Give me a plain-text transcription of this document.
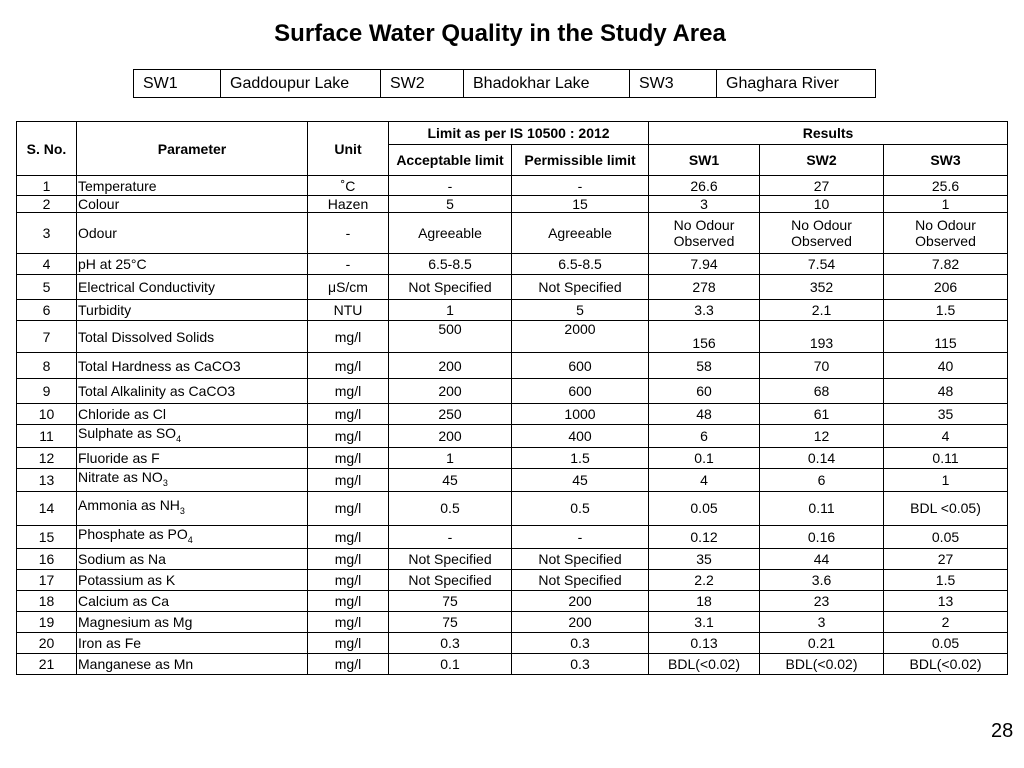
Surface Water Quality in the Study Area
SW1	Gaddoupur Lake	SW2	Bhadokhar Lake	SW3	Ghaghara River
S. No.	Parameter	Unit	Limit as per IS 10500 : 2012		Results		
			Acceptable limit	Permissible limit	SW1	SW2	SW3
1	Temperature	˚C	-	-	26.6	27	25.6
2	Colour	Hazen	5	15	3	10	1
3	Odour	-	Agreeable	Agreeable	No Odour Observed	No Odour Observed	No Odour Observed
4	pH at 25°C	-	6.5-8.5	6.5-8.5	7.94	7.54	7.82
5	Electrical Conductivity	μS/cm	Not Specified	Not Specified	278	352	206
6	Turbidity	NTU	1	5	3.3	2.1	1.5
7	Total Dissolved Solids	mg/l	500	2000	156	193	115
8	Total Hardness as CaCO3	mg/l	200	600	58	70	40
9	Total Alkalinity as CaCO3	mg/l	200	600	60	68	48
10	Chloride as Cl	mg/l	250	1000	48	61	35
11	Sulphate as $SO_4$	mg/l	200	400	6	12	4
12	Fluoride as F	mg/l	1	1.5	0.1	0.14	0.11
13	Nitrate as $NO_3$	mg/l	45	45	4	6	1
14	Ammonia as $NH_3$	mg/l	0.5	0.5	0.05	0.11	BDL <0.05)
15	Phosphate as $PO_4$	mg/l	-	-	0.12	0.16	0.05
16	Sodium as Na	mg/l	Not Specified	Not Specified	35	44	27
17	Potassium as K	mg/l	Not Specified	Not Specified	2.2	3.6	1.5
18	Calcium as Ca	mg/l	75	200	18	23	13
19	Magnesium as Mg	mg/l	75	200	3.1	3	2
20	Iron as Fe	mg/l	0.3	0.3	0.13	0.21	0.05
21	Manganese as Mn	mg/l	0.1	0.3	BDL(<0.02)	BDL(<0.02)	BDL(<0.02)
28
